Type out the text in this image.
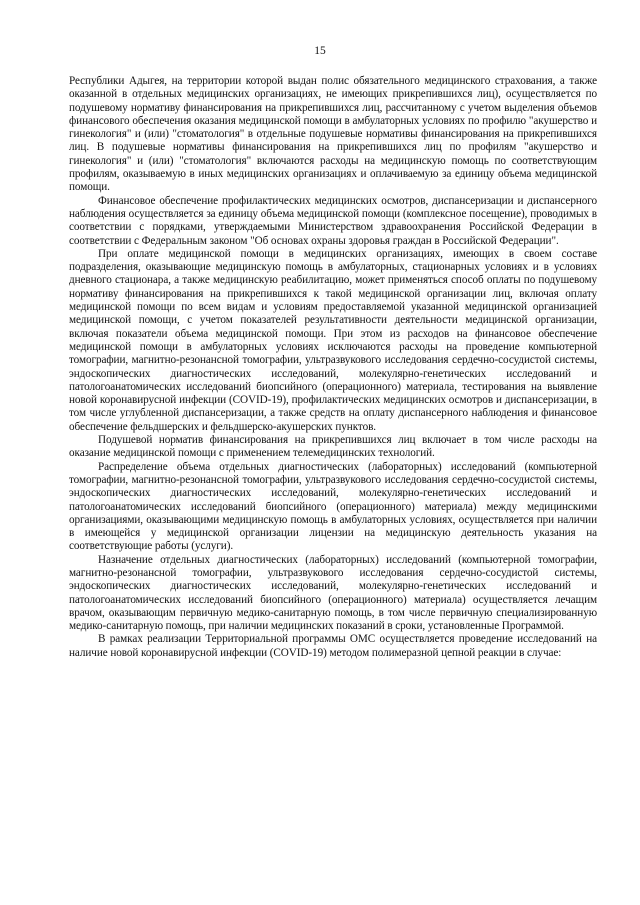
15

Республики Адыгея, на территории которой выдан полис обязательного медицинского страхования, а также оказанной в отдельных медицинских организациях, не имеющих прикрепившихся лиц), осуществляется по подушевому нормативу финансирования на прикрепившихся лиц, рассчитанному с учетом выделения объемов финансового обеспечения оказания медицинской помощи в амбулаторных условиях по профилю "акушерство и гинекология" и (или) "стоматология" в отдельные подушевые нормативы финансирования на прикрепившихся лиц. В подушевые нормативы финансирования на прикрепившихся лиц по профилям "акушерство и гинекология" и (или) "стоматология" включаются расходы на медицинскую помощь по соответствующим профилям, оказываемую в иных медицинских организациях и оплачиваемую за единицу объема медицинской помощи.

Финансовое обеспечение профилактических медицинских осмотров, диспансеризации и диспансерного наблюдения осуществляется за единицу объема медицинской помощи (комплексное посещение), проводимых в соответствии с порядками, утверждаемыми Министерством здравоохранения Российской Федерации в соответствии с Федеральным законом "Об основах охраны здоровья граждан в Российской Федерации".

При оплате медицинской помощи в медицинских организациях, имеющих в своем составе подразделения, оказывающие медицинскую помощь в амбулаторных, стационарных условиях и в условиях дневного стационара, а также медицинскую реабилитацию, может применяться способ оплаты по подушевому нормативу финансирования на прикрепившихся к такой медицинской организации лиц, включая оплату медицинской помощи по всем видам и условиям предоставляемой указанной медицинской организацией медицинской помощи, с учетом показателей результативности деятельности медицинской организации, включая показатели объема медицинской помощи. При этом из расходов на финансовое обеспечение медицинской помощи в амбулаторных условиях исключаются расходы на проведение компьютерной томографии, магнитно-резонансной томографии, ультразвукового исследования сердечно-сосудистой системы, эндоскопических диагностических исследований, молекулярно-генетических исследований и патологоанатомических исследований биопсийного (операционного) материала, тестирования на выявление новой коронавирусной инфекции (COVID-19), профилактических медицинских осмотров и диспансеризации, в том числе углубленной диспансеризации, а также средств на оплату диспансерного наблюдения и финансовое обеспечение фельдшерских и фельдшерско-акушерских пунктов.

Подушевой норматив финансирования на прикрепившихся лиц включает в том числе расходы на оказание медицинской помощи с применением телемедицинских технологий.

Распределение объема отдельных диагностических (лабораторных) исследований (компьютерной томографии, магнитно-резонансной томографии, ультразвукового исследования сердечно-сосудистой системы, эндоскопических диагностических исследований, молекулярно-генетических исследований и патологоанатомических исследований биопсийного (операционного) материала) между медицинскими организациями, оказывающими медицинскую помощь в амбулаторных условиях, осуществляется при наличии в имеющейся у медицинской организации лицензии на медицинскую деятельность указания на соответствующие работы (услуги).

Назначение отдельных диагностических (лабораторных) исследований (компьютерной томографии, магнитно-резонансной томографии, ультразвукового исследования сердечно-сосудистой системы, эндоскопических диагностических исследований, молекулярно-генетических исследований и патологоанатомических исследований биопсийного (операционного) материала) осуществляется лечащим врачом, оказывающим первичную медико-санитарную помощь, в том числе первичную специализированную медико-санитарную помощь, при наличии медицинских показаний в сроки, установленные Программой.

В рамках реализации Территориальной программы ОМС осуществляется проведение исследований на наличие новой коронавирусной инфекции (COVID-19) методом полимеразной цепной реакции в случае:
